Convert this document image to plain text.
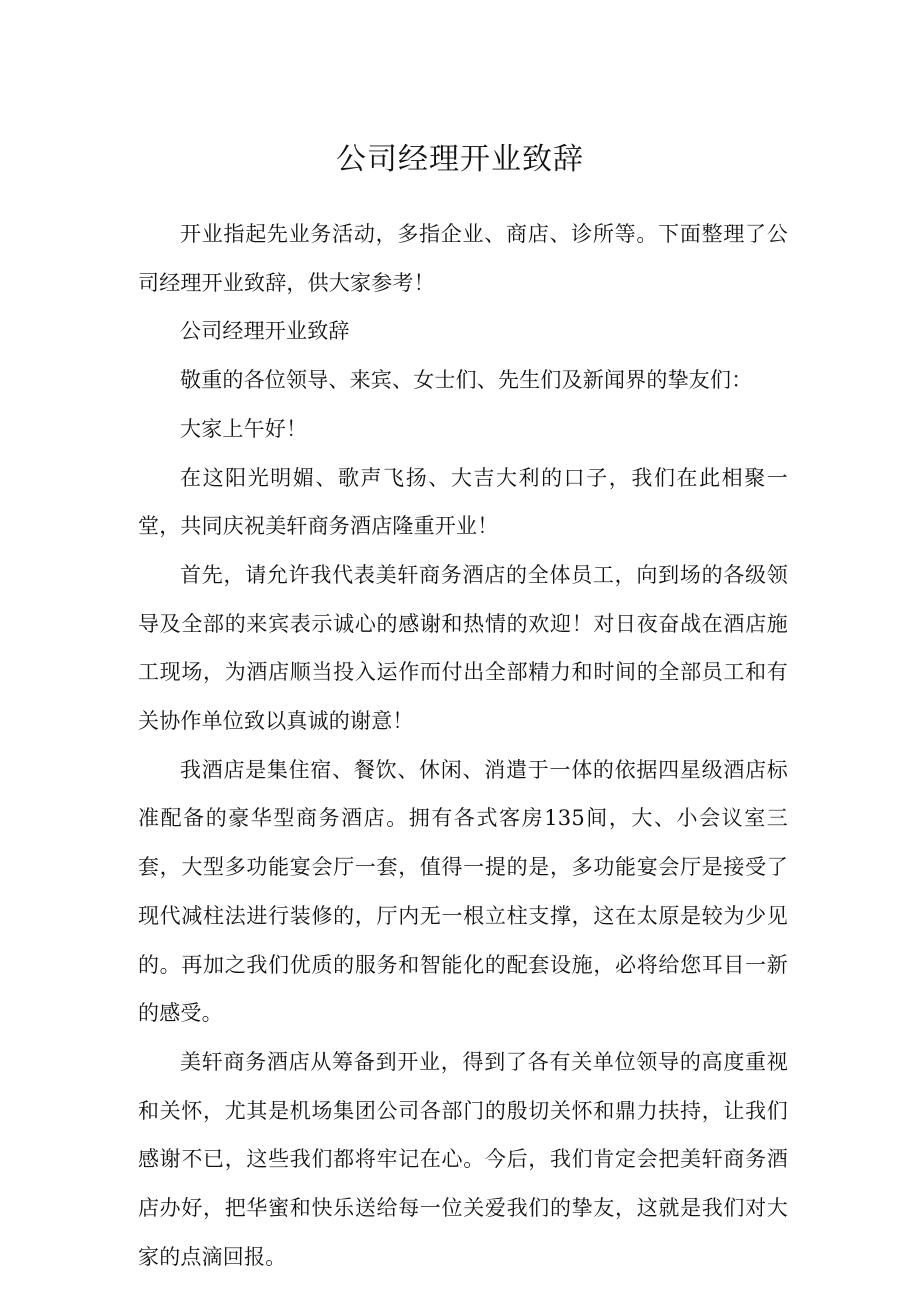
公司经理开业致辞

开业指起先业务活动，多指企业、商店、诊所等。下面整理了公司经理开业致辞，供大家参考！

公司经理开业致辞

敬重的各位领导、来宾、女士们、先生们及新闻界的挚友们：

大家上午好！

在这阳光明媚、歌声飞扬、大吉大利的口子，我们在此相聚一堂，共同庆祝美轩商务酒店隆重开业！

首先，请允许我代表美轩商务酒店的全体员工，向到场的各级领导及全部的来宾表示诚心的感谢和热情的欢迎！对日夜奋战在酒店施工现场，为酒店顺当投入运作而付出全部精力和时间的全部员工和有关协作单位致以真诚的谢意！

我酒店是集住宿、餐饮、休闲、消遣于一体的依据四星级酒店标准配备的豪华型商务酒店。拥有各式客房135间，大、小会议室三套，大型多功能宴会厅一套，值得一提的是，多功能宴会厅是接受了现代减柱法进行装修的，厅内无一根立柱支撑，这在太原是较为少见的。再加之我们优质的服务和智能化的配套设施，必将给您耳目一新的感受。

美轩商务酒店从筹备到开业，得到了各有关单位领导的高度重视和关怀，尤其是机场集团公司各部门的殷切关怀和鼎力扶持，让我们感谢不已，这些我们都将牢记在心。今后，我们肯定会把美轩商务酒店办好，把华蜜和快乐送给每一位关爱我们的挚友，这就是我们对大家的点滴回报。
